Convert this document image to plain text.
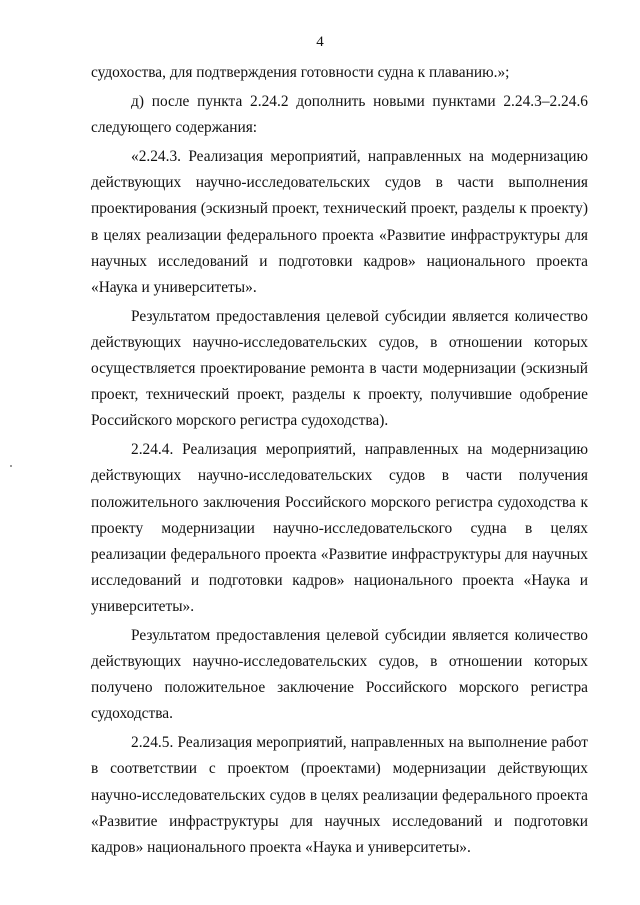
4

судохоства, для подтверждения готовности судна к плаванию.»;

д) после пункта 2.24.2 дополнить новыми пунктами 2.24.3–2.24.6 следующего содержания:

«2.24.3. Реализация мероприятий, направленных на модернизацию действующих научно-исследовательских судов в части выполнения проектирования (эскизный проект, технический проект, разделы к проекту) в целях реализации федерального проекта «Развитие инфраструктуры для научных исследований и подготовки кадров» национального проекта «Наука и университеты».

Результатом предоставления целевой субсидии является количество действующих научно-исследовательских судов, в отношении которых осуществляется проектирование ремонта в части модернизации (эскизный проект, технический проект, разделы к проекту, получившие одобрение Российского морского регистра судоходства).

2.24.4. Реализация мероприятий, направленных на модернизацию действующих научно-исследовательских судов в части получения положительного заключения Российского морского регистра судоходства к проекту модернизации научно-исследовательского судна в целях реализации федерального проекта «Развитие инфраструктуры для научных исследований и подготовки кадров» национального проекта «Наука и университеты».

Результатом предоставления целевой субсидии является количество действующих научно-исследовательских судов, в отношении которых получено положительное заключение Российского морского регистра судоходства.

2.24.5. Реализация мероприятий, направленных на выполнение работ в соответствии с проектом (проектами) модернизации действующих научно-исследовательских судов в целях реализации федерального проекта «Развитие инфраструктуры для научных исследований и подготовки кадров» национального проекта «Наука и университеты».
